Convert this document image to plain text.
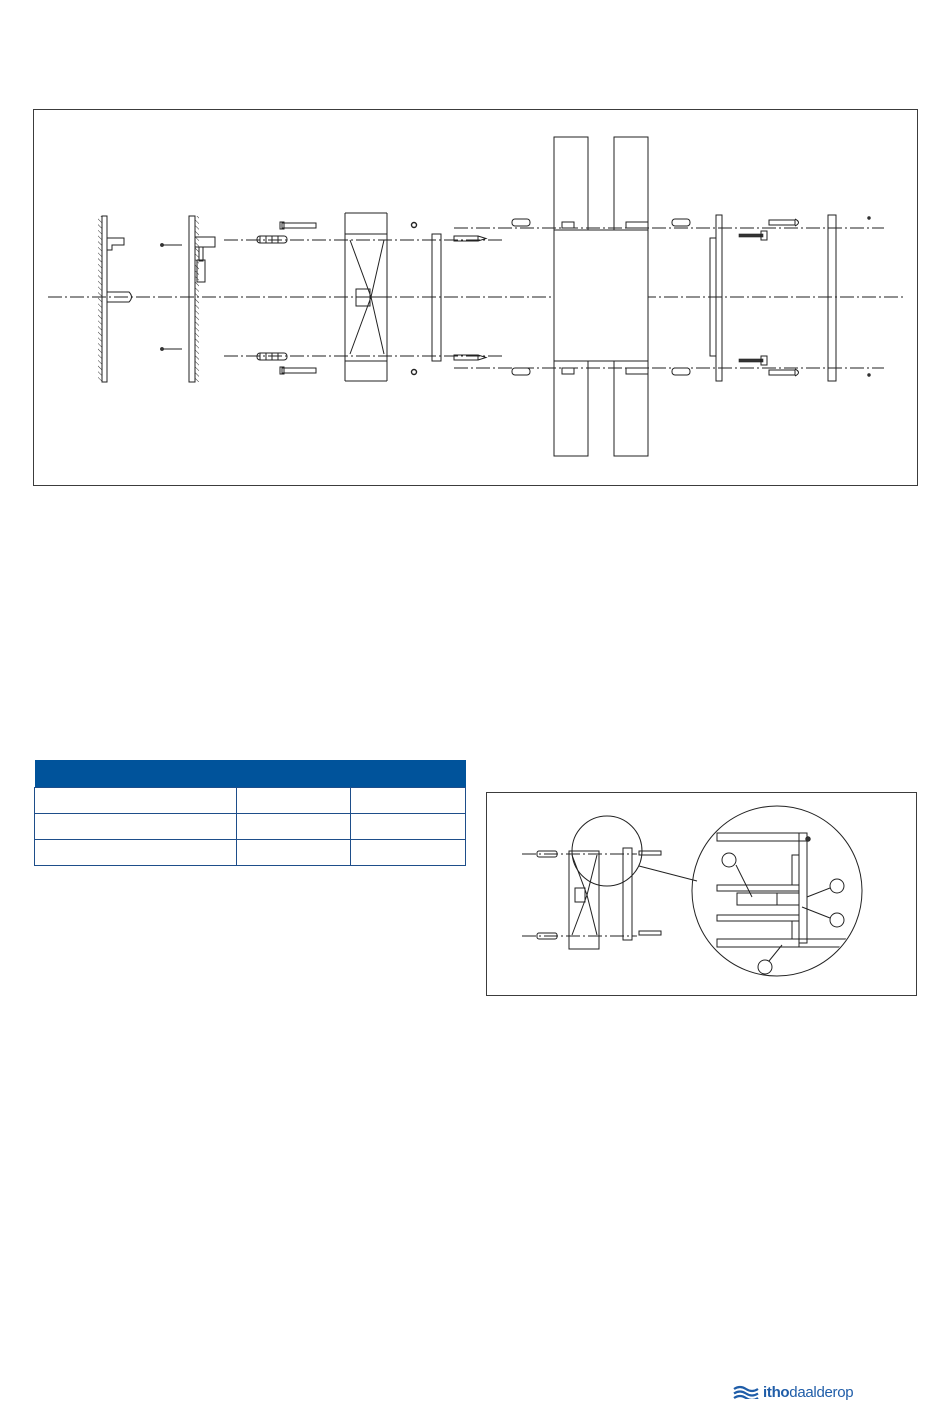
itho daalderop
